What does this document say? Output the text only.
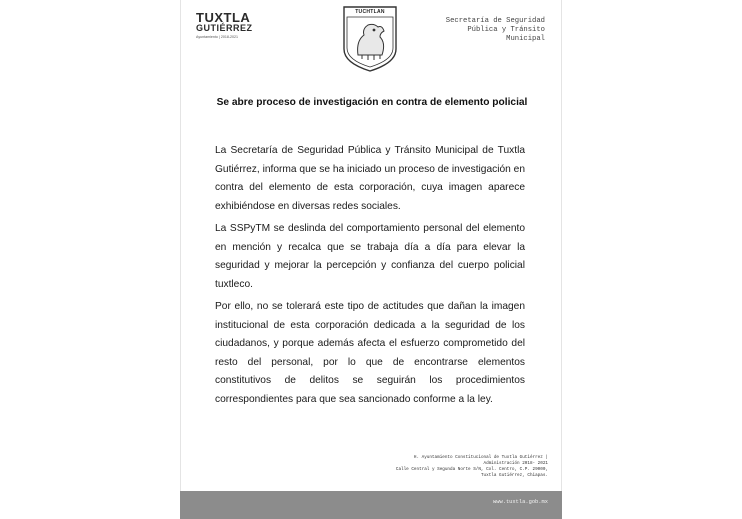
TUXTLA
GUTIÉRREZ
Ayuntamiento | 2018-2021
TUCHTLAN
Secretaría de Seguridad
Pública y Tránsito
Municipal
Se abre proceso de investigación en contra de elemento policial

La Secretaría de Seguridad Pública y Tránsito Municipal de Tuxtla Gutiérrez, informa que se ha iniciado un proceso de investigación en contra del elemento de esta corporación, cuya imagen aparece exhibiéndose en diversas redes sociales.

La SSPyTM se deslinda del comportamiento personal del elemento en mención y recalca que se trabaja día a día para elevar la seguridad y mejorar la percepción y confianza del cuerpo policial tuxtleco.

Por ello, no se tolerará este tipo de actitudes que dañan la imagen institucional de esta corporación dedicada a la seguridad de los ciudadanos, y porque además afecta el esfuerzo comprometido del resto del personal, por lo que de encontrarse elementos constitutivos de delitos se seguirán los procedimientos correspondientes para que sea sancionado conforme a la ley.

H. Ayuntamiento Constitucional de Tuxtla Gutiérrez |
Administración 2018- 2021
Calle Central y Segunda Norte S/N, Col. Centro, C.P. 29000,
Tuxtla Gutiérrez, Chiapas.
www.tuxtla.gob.mx
